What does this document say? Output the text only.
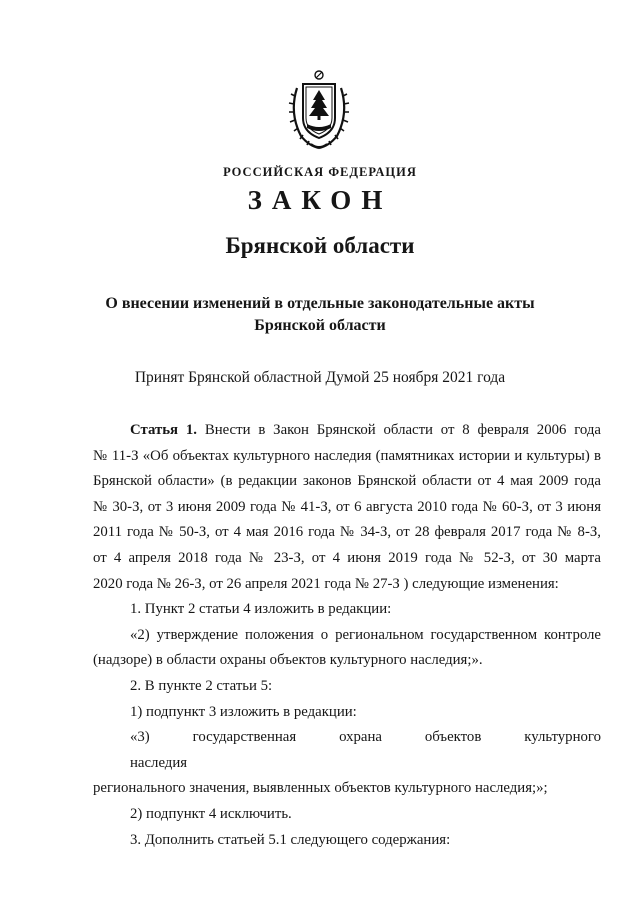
РОССИЙСКАЯ ФЕДЕРАЦИЯ
ЗАКОН
Брянской области
О внесении изменений в отдельные законодательные акты
Брянской области
Принят Брянской областной Думой 25 ноября 2021 года

Статья 1. Внести в Закон Брянской области от 8 февраля 2006 года
№ 11-З «Об объектах культурного наследия (памятниках истории и культуры) в
Брянской области» (в редакции законов Брянской области от 4 мая 2009 года
№ 30-З, от 3 июня 2009 года № 41-З, от 6 августа 2010 года № 60-З, от 3 июня
2011 года № 50-З, от 4 мая 2016 года № 34-З, от 28 февраля 2017 года № 8-З,
от 4 апреля 2018 года № 23-З, от 4 июня 2019 года № 52-З, от 30 марта
2020 года № 26-З, от 26 апреля 2021 года № 27-З ) следующие изменения:

1. Пункт 2 статьи 4 изложить в редакции:

«2) утверждение положения о региональном государственном контроле
(надзоре) в области охраны объектов культурного наследия;».

2. В пункте 2 статьи 5:

1) подпункт 3 изложить в редакции:

«3) государственная охрана объектов культурного наследия
регионального значения, выявленных объектов культурного наследия;»;

2) подпункт 4 исключить.

3. Дополнить статьей 5.1 следующего содержания:
